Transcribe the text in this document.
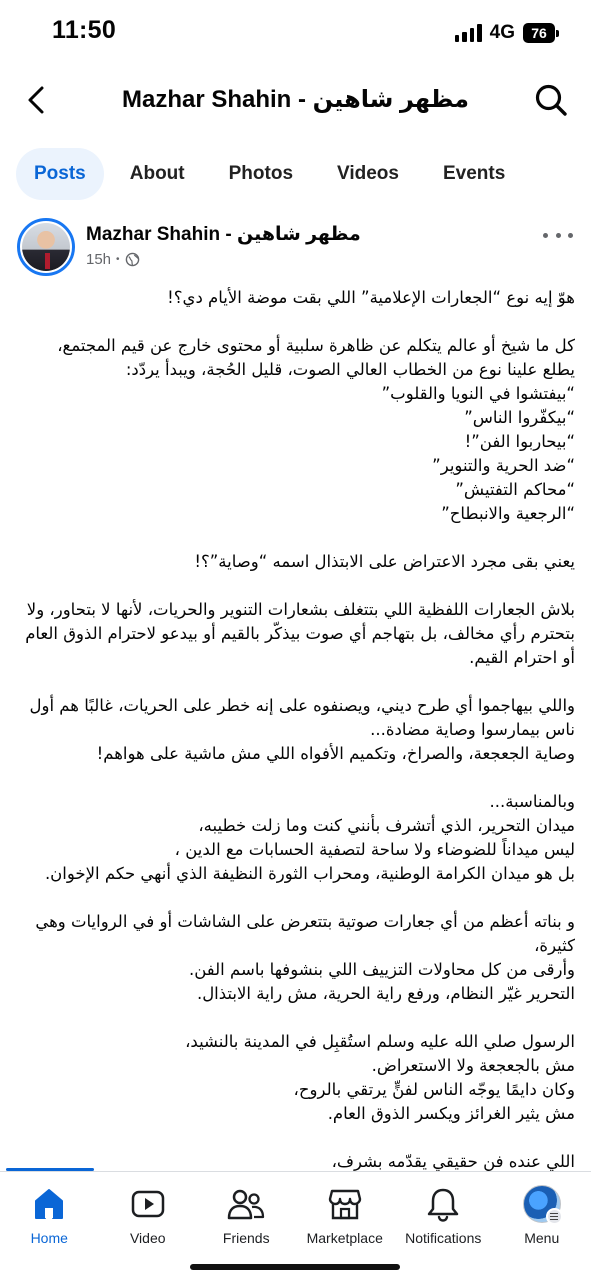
11:50	4G	76
Mazhar Shahin - مظهر شاهين
Posts	About	Photos	Videos	Events
Mazhar Shahin - مظهر شاهين
15h •

هوّ إيه نوع “الجعارات الإعلامية” اللي بقت موضة الأيام دي؟!

كل ما شيخ أو عالم يتكلم عن ظاهرة سلبية أو محتوى خارج عن قيم المجتمع، يطلع علينا نوع من الخطاب العالي الصوت، قليل الحُجة، ويبدأ يردّد:
“بيفتشوا في النويا والقلوب”
“بيكفّروا الناس”
“بيحاربوا الفن”!
“ضد الحرية والتنوير”
“محاكم التفتيش”
“الرجعية والانبطاح”

يعني بقى مجرد الاعتراض على الابتذال اسمه “وصاية”؟!

بلاش الجعارات اللفظية اللي بتتغلف بشعارات التنوير والحريات، لأنها لا بتحاور، ولا بتحترم رأي مخالف، بل بتهاجم أي صوت بيذكّر بالقيم أو بيدعو لاحترام الذوق العام أو احترام القيم.

واللي بيهاجموا أي طرح ديني، ويصنفوه على إنه خطر على الحريات، غالبًا هم أول ناس بيمارسوا وصاية مضادة...
وصاية الجعجعة، والصراخ، وتكميم الأفواه اللي مش ماشية على هواهم!

وبالمناسبة...
ميدان التحرير، الذي أتشرف بأنني كنت وما زلت خطيبه،
ليس ميداناً للضوضاء ولا ساحة لتصفية الحسابات مع الدين ،
بل هو ميدان الكرامة الوطنية، ومحراب الثورة النظيفة الذي أنهي حكم الإخوان.

و بناته أعظم من أي جعارات صوتية بتتعرض على الشاشات أو في الروايات وهي كثيرة،
وأرقى من كل محاولات التزييف اللي بنشوفها باسم الفن.
التحرير غيّر النظام، ورفع راية الحرية، مش راية الابتذال.

الرسول صلي الله عليه وسلم استُقبِل في المدينة بالنشيد،
مش بالجعجعة ولا الاستعراض.
وكان دايمًا يوجّه الناس لفنٍّ يرتقي بالروح،
مش يثير الغرائز ويكسر الذوق العام.

اللي عنده فن حقيقي يقدّمه بشرف،

Home	Video	Friends	Marketplace Notifications	Menu
